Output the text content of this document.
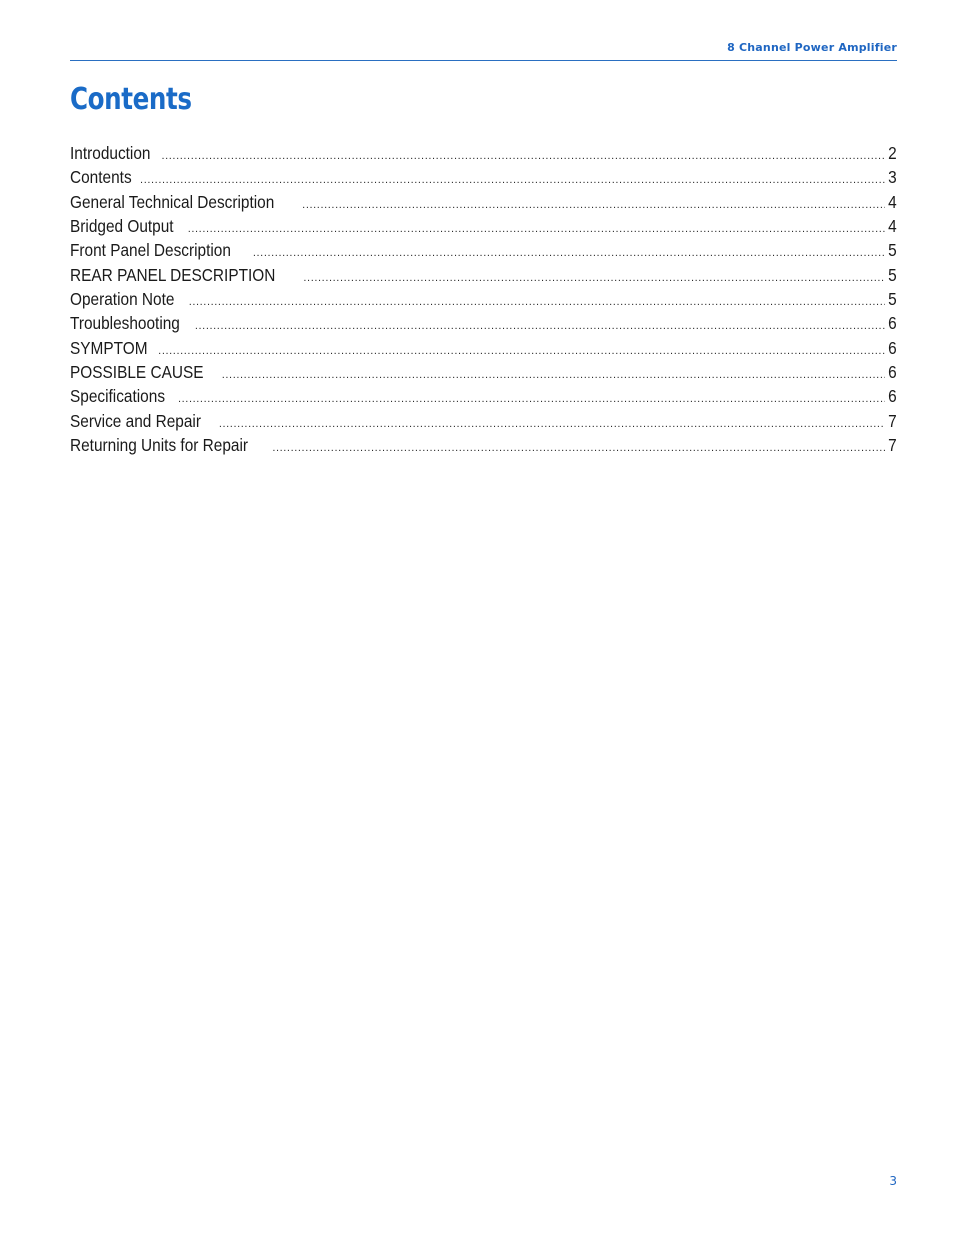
8 Channel Power Amplifier
Contents
Introduction .....	2
Contents .....	3
General Technical Description .....	4
Bridged Output .....	4
Front Panel Description .....	5
REAR PANEL DESCRIPTION .....	5
Operation Note .....	5
Troubleshooting .....	6
SYMPTOM .....	6
POSSIBLE CAUSE .....	6
Specifications .....	6
Service and Repair .....	7
Returning Units for Repair .....	7
3
